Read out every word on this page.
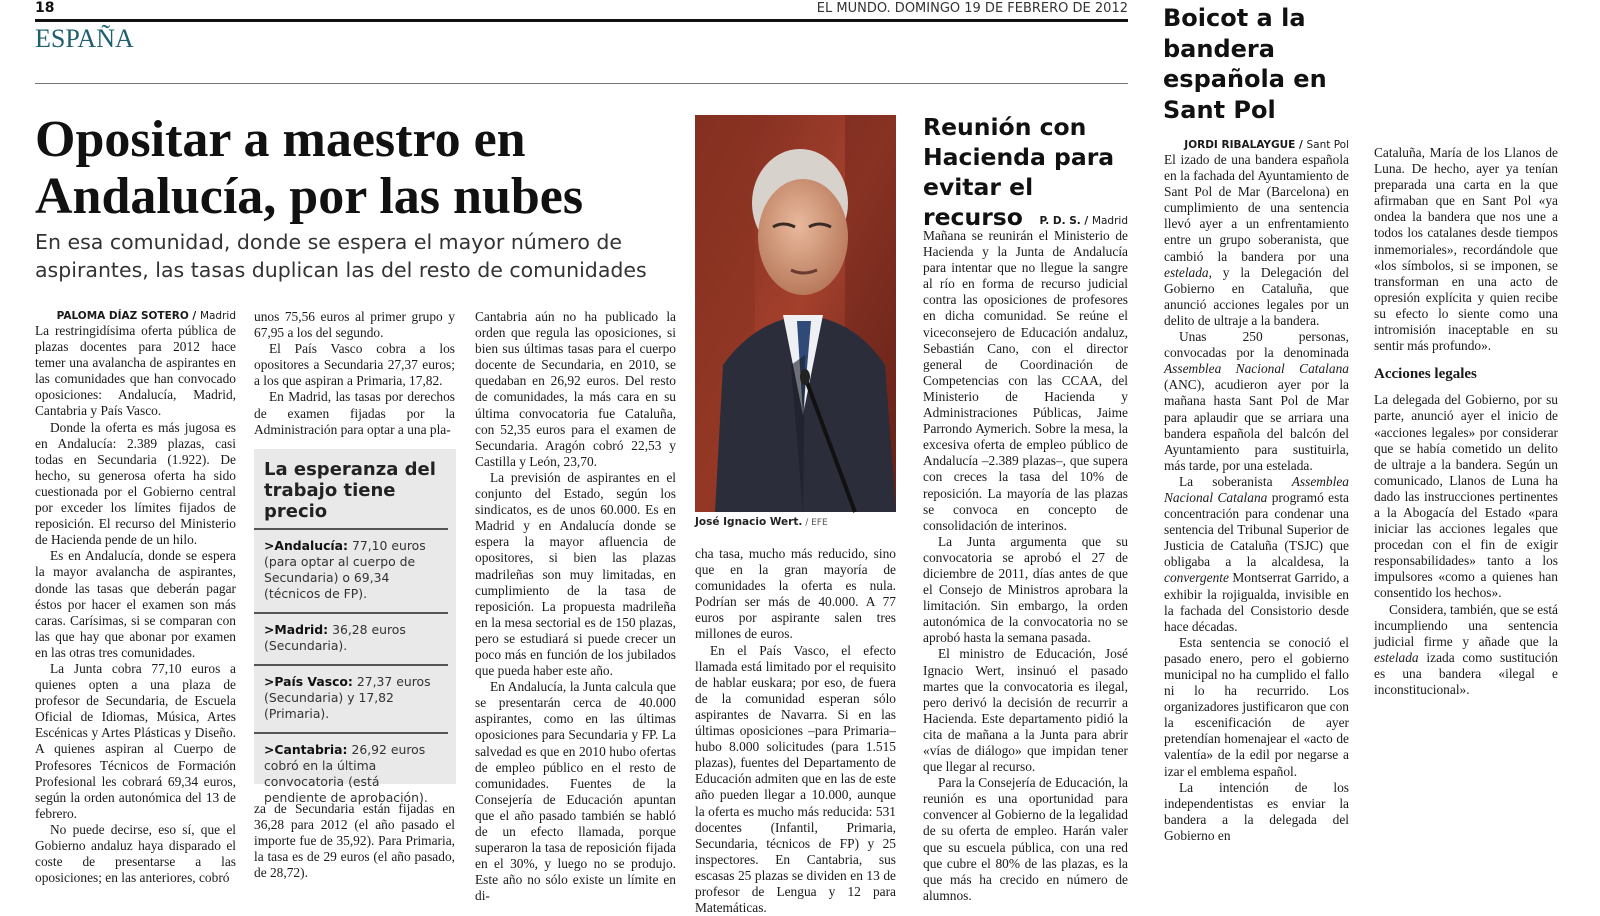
18	EL MUNDO. DOMINGO 19 DE FEBRERO DE 2012
ESPAÑA
Opositar a maestro en Andalucía, por las nubes
En esa comunidad, donde se espera el mayor número de aspirantes, las tasas duplican las del resto de comunidades
PALOMA DÍAZ SOTERO / Madrid

La restringidísima oferta pública de plazas docentes para 2012 hace temer una avalancha de aspirantes en las comunidades que han convocado oposiciones: Andalucía, Madrid, Cantabria y País Vasco.

Donde la oferta es más jugosa es en Andalucía: 2.389 plazas, casi todas en Secundaria (1.922). De hecho, su generosa oferta ha sido cuestionada por el Gobierno central por exceder los límites fijados de reposición. El recurso del Ministerio de Hacienda pende de un hilo.

Es en Andalucía, donde se espera la mayor avalancha de aspirantes, donde las tasas que deberán pagar éstos por hacer el examen son más caras. Carísimas, si se comparan con las que hay que abonar por examen en las otras tres comunidades.

La Junta cobra 77,10 euros a quienes opten a una plaza de profesor de Secundaria, de Escuela Oficial de Idiomas, Música, Artes Escénicas y Artes Plásticas y Diseño. A quienes aspiran al Cuerpo de Profesores Técnicos de Formación Profesional les cobrará 69,34 euros, según la orden autonómica del 13 de febrero.

No puede decirse, eso sí, que el Gobierno andaluz haya disparado el coste de presentarse a las oposiciones; en las anteriores, cobró

unos 75,56 euros al primer grupo y 67,95 a los del segundo.

El País Vasco cobra a los opositores a Secundaria 27,37 euros; a los que aspiran a Primaria, 17,82.

En Madrid, las tasas por derechos de examen fijadas por la Administración para optar a una pla-

La esperanza del trabajo tiene precio
>Andalucía: 77,10 euros (para optar al cuerpo de Secundaria) o 69,34 (técnicos de FP).
>Madrid: 36,28 euros (Secundaria).
>País Vasco: 27,37 euros (Secundaria) y 17,82 (Primaria).
>Cantabria: 26,92 euros cobró en la última convocatoria (está pendiente de aprobación).

za de Secundaria están fijadas en 36,28 para 2012 (el año pasado el importe fue de 35,92). Para Primaria, la tasa es de 29 euros (el año pasado, de 28,72).

Cantabria aún no ha publicado la orden que regula las oposiciones, si bien sus últimas tasas para el cuerpo docente de Secundaria, en 2010, se quedaban en 26,92 euros. Del resto de comunidades, la más cara en su última convocatoria fue Cataluña, con 52,35 euros para el examen de Secundaria. Aragón cobró 22,53 y Castilla y León, 23,70.

La previsión de aspirantes en el conjunto del Estado, según los sindicatos, es de unos 60.000. Es en Madrid y en Andalucía donde se espera la mayor afluencia de opositores, si bien las plazas madrileñas son muy limitadas, en cumplimiento de la tasa de reposición. La propuesta madrileña en la mesa sectorial es de 150 plazas, pero se estudiará si puede crecer un poco más en función de los jubilados que pueda haber este año.

En Andalucía, la Junta calcula que se presentarán cerca de 40.000 aspirantes, como en las últimas oposiciones para Secundaria y FP. La salvedad es que en 2010 hubo ofertas de empleo público en el resto de comunidades. Fuentes de la Consejería de Educación apuntan que el año pasado también se habló de un efecto llamada, porque superaron la tasa de reposición fijada en el 30%, y luego no se produjo. Este año no sólo existe un límite en di-

José Ignacio Wert. / EFE

cha tasa, mucho más reducido, sino que en la gran mayoría de comunidades la oferta es nula. Podrían ser más de 40.000. A 77 euros por aspirante salen tres millones de euros.

En el País Vasco, el efecto llamada está limitado por el requisito de hablar euskara; por eso, de fuera de la comunidad esperan sólo aspirantes de Navarra. Si en las últimas oposiciones –para Primaria– hubo 8.000 solicitudes (para 1.515 plazas), fuentes del Departamento de Educación admiten que en las de este año pueden llegar a 10.000, aunque la oferta es mucho más reducida: 531 docentes (Infantil, Primaria, Secundaria, técnicos de FP) y 25 inspectores. En Cantabria, sus escasas 25 plazas se dividen en 13 de profesor de Lengua y 12 para Matemáticas.

Reunión con Hacienda para evitar el recurso	P. D. S. / Madrid

Mañana se reunirán el Ministerio de Hacienda y la Junta de Andalucía para intentar que no llegue la sangre al río en forma de recurso judicial contra las oposiciones de profesores en dicha comunidad. Se reúne el viceconsejero de Educación andaluz, Sebastián Cano, con el director general de Coordinación de Competencias con las CCAA, del Ministerio de Hacienda y Administraciones Públicas, Jaime Parrondo Aymerich. Sobre la mesa, la excesiva oferta de empleo público de Andalucía –2.389 plazas–, que supera con creces la tasa del 10% de reposición. La mayoría de las plazas se convoca en concepto de consolidación de interinos.

La Junta argumenta que su convocatoria se aprobó el 27 de diciembre de 2011, días antes de que el Consejo de Ministros aprobara la limitación. Sin embargo, la orden autonómica de la convocatoria no se aprobó hasta la semana pasada.

El ministro de Educación, José Ignacio Wert, insinuó el pasado martes que la convocatoria es ilegal, pero derivó la decisión de recurrir a Hacienda. Este departamento pidió la cita de mañana a la Junta para abrir «vías de diálogo» que impidan tener que llegar al recurso.

Para la Consejería de Educación, la reunión es una oportunidad para convencer al Gobierno de la legalidad de su oferta de empleo. Harán valer que su escuela pública, con una red que cubre el 80% de las plazas, es la que más ha crecido en número de alumnos.

Boicot a la bandera española en Sant Pol
JORDI RIBALAYGUE / Sant Pol

El izado de una bandera española en la fachada del Ayuntamiento de Sant Pol de Mar (Barcelona) en cumplimiento de una sentencia llevó ayer a un enfrentamiento entre un grupo soberanista, que cambió la bandera por una estelada, y la Delegación del Gobierno en Cataluña, que anunció acciones legales por un delito de ultraje a la bandera.

Unas 250 personas, convocadas por la denominada Assemblea Nacional Catalana (ANC), acudieron ayer por la mañana hasta Sant Pol de Mar para aplaudir que se arriara una bandera española del balcón del Ayuntamiento para sustituirla, más tarde, por una estelada.

La soberanista Assemblea Nacional Catalana programó esta concentración para condenar una sentencia del Tribunal Superior de Justicia de Cataluña (TSJC) que obligaba a la alcaldesa, la convergente Montserrat Garrido, a exhibir la rojigualda, invisible en la fachada del Consistorio desde hace décadas.

Esta sentencia se conoció el pasado enero, pero el gobierno municipal no ha cumplido el fallo ni lo ha recurrido. Los organizadores justificaron que con la escenificación de ayer pretendían homenajear el «acto de valentía» de la edil por negarse a izar el emblema español.

La intención de los independentistas es enviar la bandera a la delegada del Gobierno en

Cataluña, María de los Llanos de Luna. De hecho, ayer ya tenían preparada una carta en la que afirmaban que en Sant Pol «ya ondea la bandera que nos une a todos los catalanes desde tiempos inmemoriales», recordándole que «los símbolos, si se imponen, se transforman en una acto de opresión explícita y quien recibe su efecto lo siente como una intromisión inaceptable en su sentir más profundo».

Acciones legales

La delegada del Gobierno, por su parte, anunció ayer el inicio de «acciones legales» por considerar que se había cometido un delito de ultraje a la bandera. Según un comunicado, Llanos de Luna ha dado las instrucciones pertinentes a la Abogacía del Estado «para iniciar las acciones legales que procedan con el fin de exigir responsabilidades» tanto a los impulsores «como a quienes han consentido los hechos».

Considera, también, que se está incumpliendo una sentencia judicial firme y añade que la estelada izada como sustitución es una bandera «ilegal e inconstitucional».
